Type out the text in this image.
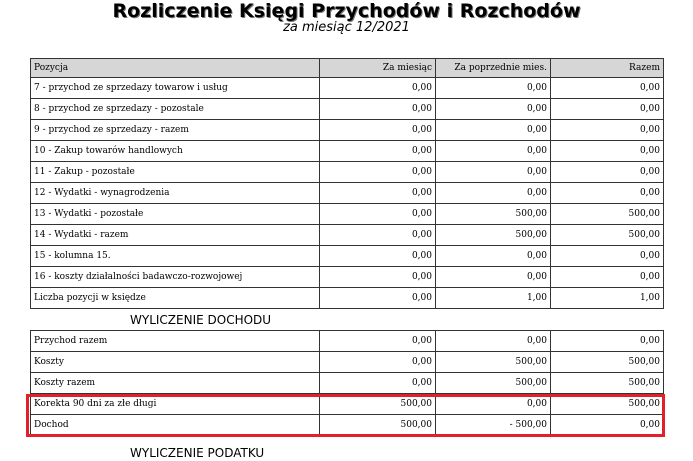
Rozliczenie Księgi Przychodów i Rozchodów
za miesiąc 12/2021
Pozycja	Za miesiąc	Za poprzednie mies.	Razem
7 - przychod ze sprzedazy towarow i usług	0,00	0,00	0,00
8 - przychod ze sprzedazy - pozostale	0,00	0,00	0,00
9 - przychod ze sprzedazy - razem	0,00	0,00	0,00
10 - Zakup towarów handlowych	0,00	0,00	0,00
11 - Zakup - pozostałe	0,00	0,00	0,00
12 - Wydatki - wynagrodzenia	0,00	0,00	0,00
13 - Wydatki - pozostałe	0,00	500,00	500,00
14 - Wydatki - razem	0,00	500,00	500,00
15 - kolumna 15.	0,00	0,00	0,00
16 - koszty działalności badawczo-rozwojowej	0,00	0,00	0,00
Liczba pozycji w księdze	0,00	1,00	1,00
WYLICZENIE DOCHODU
Przychod razem	0,00	0,00	0,00
Koszty	0,00	500,00	500,00
Koszty razem	0,00	500,00	500,00
Korekta 90 dni za złe długi	500,00	0,00	500,00
Dochod	500,00	- 500,00	0,00
WYLICZENIE PODATKU
